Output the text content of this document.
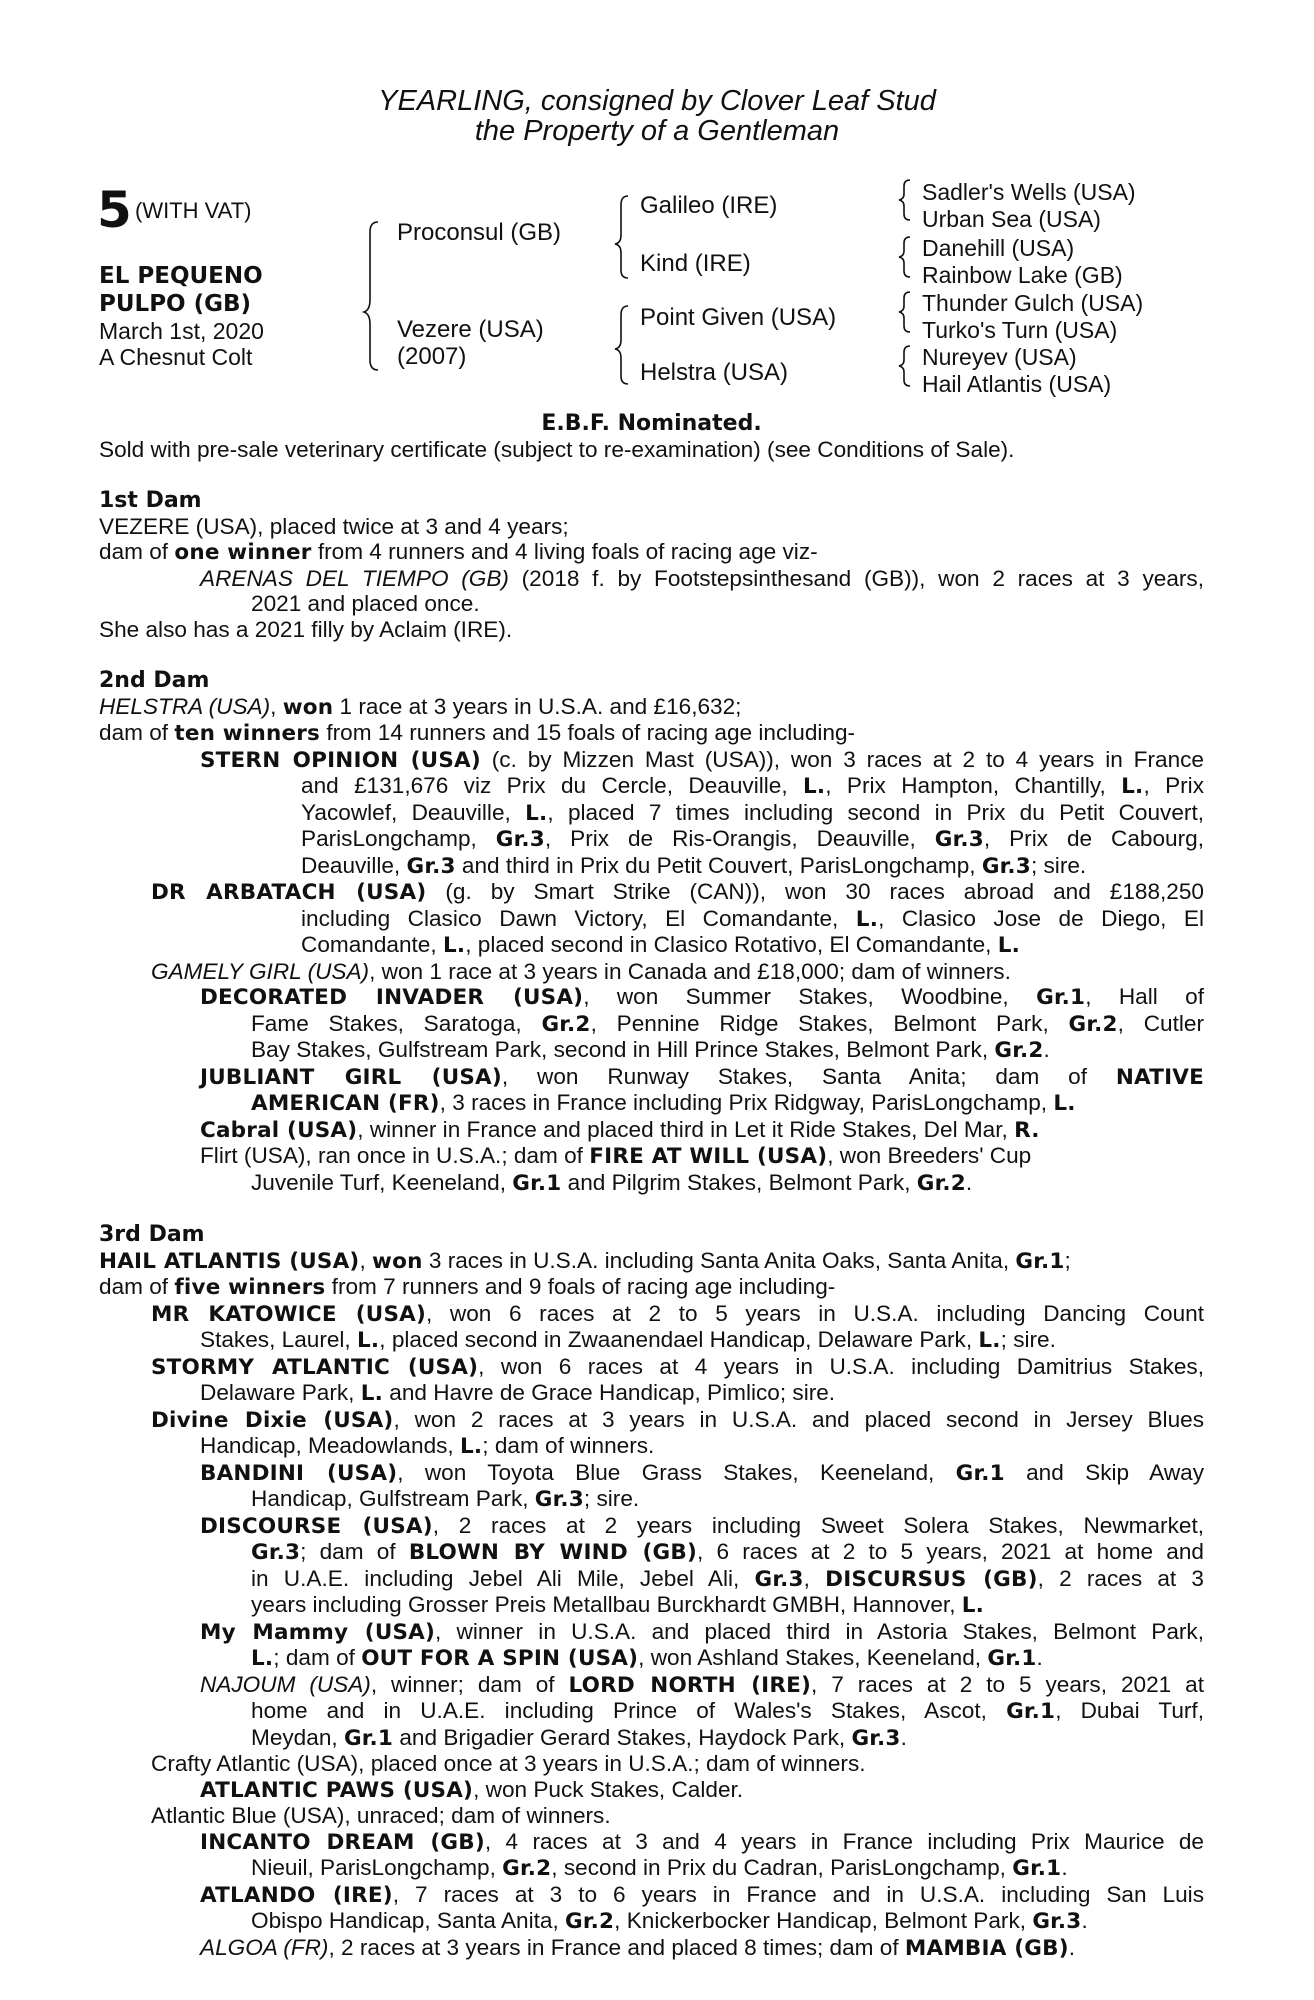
YEARLING, consigned by Clover Leaf Stud
the Property of a Gentleman
5 (WITH VAT)
EL PEQUENO
PULPO (GB)
March 1st, 2020
A Chesnut Colt
Proconsul (GB)
Vezere (USA)
(2007)
Galileo (IRE)
Kind (IRE)
Point Given (USA)
Helstra (USA)
Sadler's Wells (USA)
Urban Sea (USA)
Danehill (USA)
Rainbow Lake (GB)
Thunder Gulch (USA)
Turko's Turn (USA)
Nureyev (USA)
Hail Atlantis (USA)
E.B.F. Nominated.
Sold with pre-sale veterinary certificate (subject to re-examination) (see Conditions of Sale).
1st Dam
VEZERE (USA), placed twice at 3 and 4 years;
dam of one winner from 4 runners and 4 living foals of racing age viz-
ARENAS DEL TIEMPO (GB) (2018 f. by Footstepsinthesand (GB)), won 2 races at 3 years,
2021 and placed once.
She also has a 2021 filly by Aclaim (IRE).
2nd Dam
HELSTRA (USA), won 1 race at 3 years in U.S.A. and £16,632;
dam of ten winners from 14 runners and 15 foals of racing age including-
STERN OPINION (USA) (c. by Mizzen Mast (USA)), won 3 races at 2 to 4 years in France
and £131,676 viz Prix du Cercle, Deauville, L., Prix Hampton, Chantilly, L., Prix
Yacowlef, Deauville, L., placed 7 times including second in Prix du Petit Couvert,
ParisLongchamp, Gr.3, Prix de Ris-Orangis, Deauville, Gr.3, Prix de Cabourg,
Deauville, Gr.3 and third in Prix du Petit Couvert, ParisLongchamp, Gr.3; sire.
DR ARBATACH (USA) (g. by Smart Strike (CAN)), won 30 races abroad and £188,250
including Clasico Dawn Victory, El Comandante, L., Clasico Jose de Diego, El
Comandante, L., placed second in Clasico Rotativo, El Comandante, L.
GAMELY GIRL (USA), won 1 race at 3 years in Canada and £18,000; dam of winners.
DECORATED INVADER (USA), won Summer Stakes, Woodbine, Gr.1, Hall of
Fame Stakes, Saratoga, Gr.2, Pennine Ridge Stakes, Belmont Park, Gr.2, Cutler
Bay Stakes, Gulfstream Park, second in Hill Prince Stakes, Belmont Park, Gr.2.
JUBLIANT GIRL (USA), won Runway Stakes, Santa Anita; dam of NATIVE
AMERICAN (FR), 3 races in France including Prix Ridgway, ParisLongchamp, L.
Cabral (USA), winner in France and placed third in Let it Ride Stakes, Del Mar, R.
Flirt (USA), ran once in U.S.A.; dam of FIRE AT WILL (USA), won Breeders' Cup
Juvenile Turf, Keeneland, Gr.1 and Pilgrim Stakes, Belmont Park, Gr.2.
3rd Dam
HAIL ATLANTIS (USA), won 3 races in U.S.A. including Santa Anita Oaks, Santa Anita, Gr.1;
dam of five winners from 7 runners and 9 foals of racing age including-
MR KATOWICE (USA), won 6 races at 2 to 5 years in U.S.A. including Dancing Count
Stakes, Laurel, L., placed second in Zwaanendael Handicap, Delaware Park, L.; sire.
STORMY ATLANTIC (USA), won 6 races at 4 years in U.S.A. including Damitrius Stakes,
Delaware Park, L. and Havre de Grace Handicap, Pimlico; sire.
Divine Dixie (USA), won 2 races at 3 years in U.S.A. and placed second in Jersey Blues
Handicap, Meadowlands, L.; dam of winners.
BANDINI (USA), won Toyota Blue Grass Stakes, Keeneland, Gr.1 and Skip Away
Handicap, Gulfstream Park, Gr.3; sire.
DISCOURSE (USA), 2 races at 2 years including Sweet Solera Stakes, Newmarket,
Gr.3; dam of BLOWN BY WIND (GB), 6 races at 2 to 5 years, 2021 at home and
in U.A.E. including Jebel Ali Mile, Jebel Ali, Gr.3, DISCURSUS (GB), 2 races at 3
years including Grosser Preis Metallbau Burckhardt GMBH, Hannover, L.
My Mammy (USA), winner in U.S.A. and placed third in Astoria Stakes, Belmont Park,
L.; dam of OUT FOR A SPIN (USA), won Ashland Stakes, Keeneland, Gr.1.
NAJOUM (USA), winner; dam of LORD NORTH (IRE), 7 races at 2 to 5 years, 2021 at
home and in U.A.E. including Prince of Wales's Stakes, Ascot, Gr.1, Dubai Turf,
Meydan, Gr.1 and Brigadier Gerard Stakes, Haydock Park, Gr.3.
Crafty Atlantic (USA), placed once at 3 years in U.S.A.; dam of winners.
ATLANTIC PAWS (USA), won Puck Stakes, Calder.
Atlantic Blue (USA), unraced; dam of winners.
INCANTO DREAM (GB), 4 races at 3 and 4 years in France including Prix Maurice de
Nieuil, ParisLongchamp, Gr.2, second in Prix du Cadran, ParisLongchamp, Gr.1.
ATLANDO (IRE), 7 races at 3 to 6 years in France and in U.S.A. including San Luis
Obispo Handicap, Santa Anita, Gr.2, Knickerbocker Handicap, Belmont Park, Gr.3.
ALGOA (FR), 2 races at 3 years in France and placed 8 times; dam of MAMBIA (GB).
